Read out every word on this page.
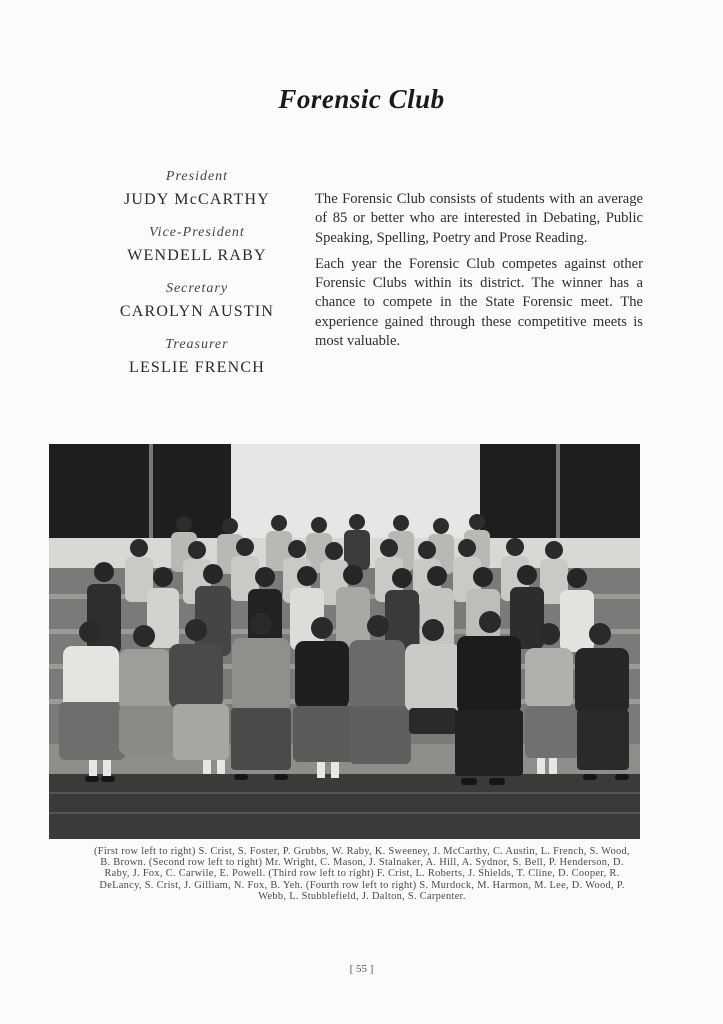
Forensic Club
President
JUDY McCARTHY
Vice-President
WENDELL RABY
Secretary
CAROLYN AUSTIN
Treasurer
LESLIE FRENCH

The Forensic Club consists of students with an average of 85 or better who are interested in Debating, Public Speaking, Spelling, Poetry and Prose Reading.

Each year the Forensic Club competes against other Forensic Clubs within its district. The winner has a chance to compete in the State Forensic meet. The experience gained through these competitive meets is most valuable.

(First row left to right) S. Crist, S. Foster, P. Grubbs, W. Raby, K. Sweeney, J. McCarthy, C. Austin, L. French, S. Wood, B. Brown. (Second row left to right) Mr. Wright, C. Mason, J. Stalnaker, A. Hill, A. Sydnor, S. Bell, P. Henderson, D. Raby, J. Fox, C. Carwile, E. Powell. (Third row left to right) F. Crist, L. Roberts, J. Shields, T. Cline, D. Cooper, R. DeLancy, S. Crist, J. Gilliam, N. Fox, B. Yeh. (Fourth row left to right) S. Murdock, M. Harmon, M. Lee, D. Wood, P. Webb, L. Stubblefield, J. Dalton, S. Carpenter.
[ 55 ]
